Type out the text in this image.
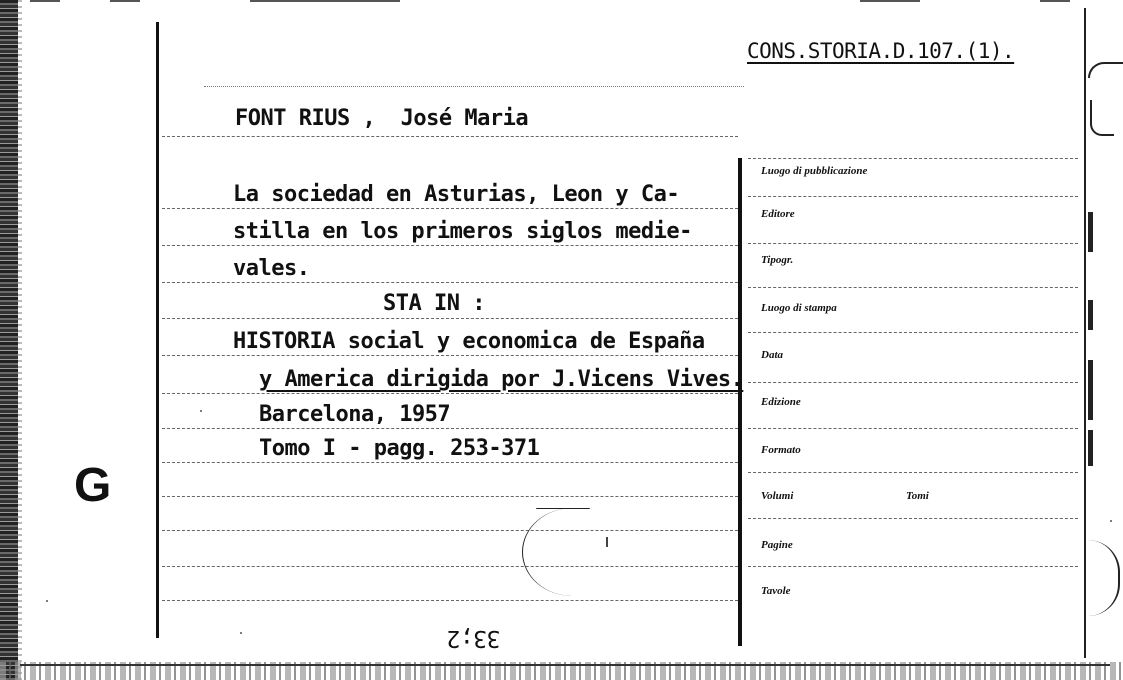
CONS.STORIA.D.107.(1).
FONT RIUS ,  José Maria
La sociedad en Asturias, Leon y Ca-
stilla en los primeros siglos medie-
vales.
STA IN :
HISTORIA social y economica de España
y America dirigida por J.Vicens Vives.
Barcelona, 1957
Tomo I - pagg. 253-371
33;2
G
Luogo di pubblicazione
Editore
Tipogr.
Luogo di stampa
Data
Edizione
Formato
Volumi	Tomi
Pagine
Tavole
